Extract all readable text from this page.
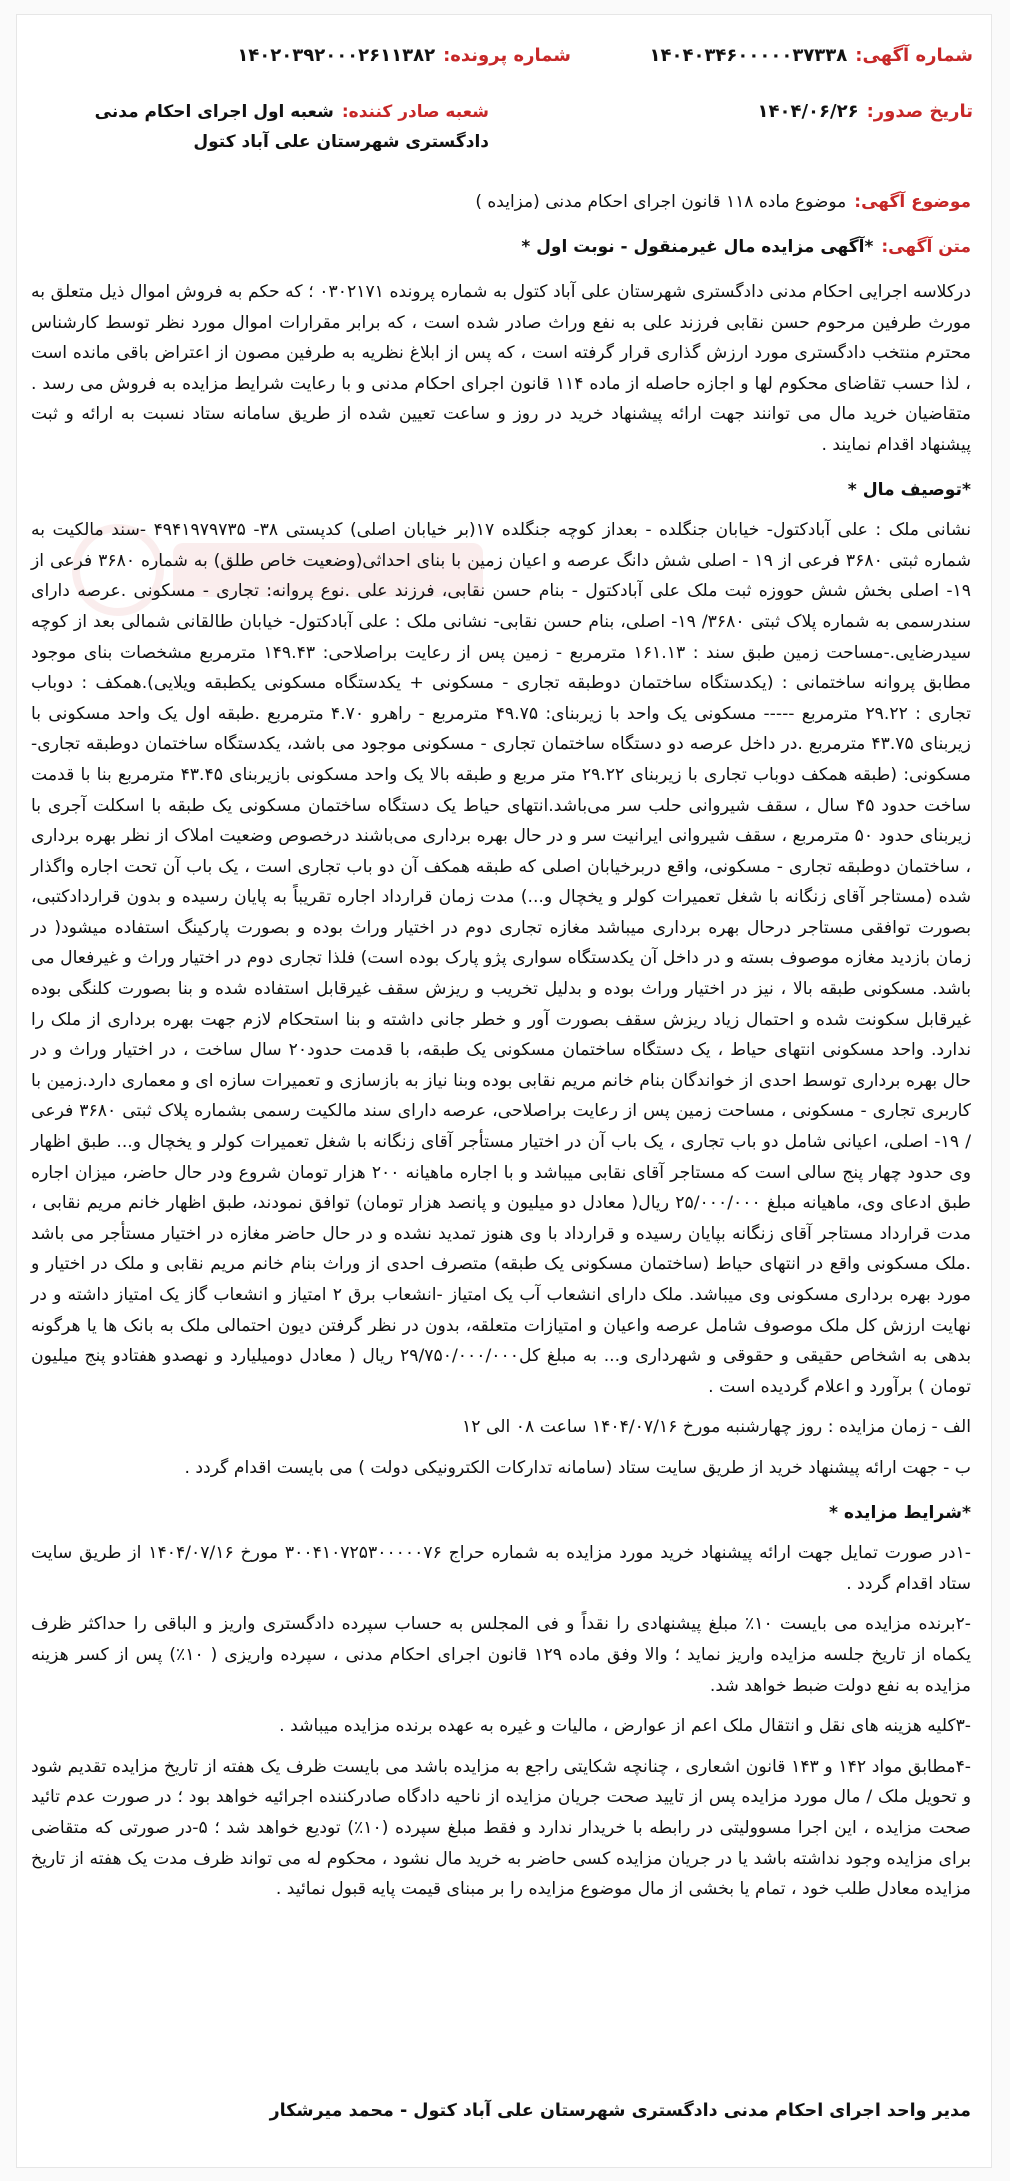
شماره آگهی:۱۴۰۴۰۳۴۶۰۰۰۰۰۳۷۳۳۸
شماره پرونده:۱۴۰۲۰۳۹۲۰۰۰۲۶۱۱۳۸۲
تاریخ صدور:۱۴۰۴/۰۶/۲۶
شعبه صادر کننده:شعبه اول اجرای احکام مدنی دادگستری شهرستان علی آباد کتول
موضوع آگهی:موضوع ماده ۱۱۸ قانون اجرای احکام مدنی (مزایده )
متن آگهی:*آگهی مزایده مال غیرمنقول - نوبت اول *

درکلاسه اجرایی احکام مدنی دادگستری شهرستان علی آباد کتول به شماره پرونده ۰۳۰۲۱۷۱ ؛ که حکم به فروش اموال ذیل متعلق به مورث طرفین مرحوم حسن نقابی فرزند علی به نفع وراث صادر شده است ، که برابر مقرارات اموال مورد نظر توسط کارشناس محترم منتخب دادگستری مورد ارزش گذاری قرار گرفته است ، که پس از ابلاغ نظریه به طرفین مصون از اعتراض باقی مانده است ، لذا حسب تقاضای محکوم لها و اجازه حاصله از ماده ۱۱۴ قانون اجرای احکام مدنی و با رعایت شرایط مزایده به فروش می رسد . متقاضیان خرید مال می توانند جهت ارائه پیشنهاد خرید در روز و ساعت تعیین شده از طریق سامانه ستاد نسبت به ارائه و ثبت پیشنهاد اقدام نمایند .

*توصیف مال *

نشانی ملک : علی آبادکتول- خیابان جنگلده - بعداز کوچه جنگلده ۱۷(بر خیابان اصلی) کدپستی ۳۸- ۴۹۴۱۹۷۹۷۳۵ -سند مالکیت به شماره ثبتی ۳۶۸۰ فرعی از ۱۹ - اصلی شش دانگ عرصه و اعیان زمین با بنای احداثی(وضعیت خاص طلق) به شماره ۳۶۸۰ فرعی از ۱۹- اصلی بخش شش حووزه ثبت ملک علی آبادکتول - بنام حسن نقابی، فرزند علی .نوع پروانه: تجاری - مسکونی .عرصه دارای سندرسمی به شماره پلاک ثبتی ۳۶۸۰/ ۱۹- اصلی، بنام حسن نقابی- نشانی ملک : علی آبادکتول- خیابان طالقانی شمالی بعد از کوچه سیدرضایی.-مساحت زمین طبق سند : ۱۶۱.۱۳ مترمربع - زمین پس از رعایت براصلاحی: ۱۴۹.۴۳ مترمربع مشخصات بنای موجود مطابق پروانه ساختمانی : (یکدستگاه ساختمان دوطبقه تجاری - مسکونی + یکدستگاه مسکونی یکطبقه ویلایی).همکف : دوباب تجاری : ۲۹.۲۲ مترمربع ----- مسکونی یک واحد با زیربنای: ۴۹.۷۵ مترمربع - راهرو ۴.۷۰ مترمربع .طبقه اول یک واحد مسکونی با زیربنای ۴۳.۷۵ مترمربع .در داخل عرصه دو دستگاه ساختمان تجاری - مسکونی موجود می باشد، یکدستگاه ساختمان دوطبقه تجاری-مسکونی: (طبقه همکف دوباب تجاری با زیربنای ۲۹.۲۲ متر مربع و طبقه بالا یک واحد مسکونی بازیربنای ۴۳.۴۵ مترمربع بنا با قدمت ساخت حدود ۴۵ سال ، سقف شیروانی حلب سر می‌باشد.انتهای حیاط یک دستگاه ساختمان مسکونی یک طبقه با اسکلت آجری با زیربنای حدود ۵۰ مترمربع ، سقف شیروانی ایرانیت سر و در حال بهره برداری می‌باشند درخصوص وضعیت املاک از نظر بهره برداری ، ساختمان دوطبقه تجاری - مسکونی، واقع دربرخیابان اصلی که طبقه همکف آن دو باب تجاری است ، یک باب آن تحت اجاره واگذار شده (مستاجر آقای زنگانه با شغل تعمیرات کولر و یخچال و...) مدت زمان قرارداد اجاره تقریباً به پایان رسیده و بدون قراردادکتبی، بصورت توافقی مستاجر درحال بهره برداری میباشد مغازه تجاری دوم در اختیار وراث بوده و بصورت پارکینگ استفاده میشود( در زمان بازدید مغازه موصوف بسته و در داخل آن یکدستگاه سواری پژو پارک بوده است) فلذا تجاری دوم در اختیار وراث و غیرفعال می باشد. مسکونی طبقه بالا ، نیز در اختیار وراث بوده و بدلیل تخریب و ریزش سقف غیرقابل استفاده شده و بنا بصورت کلنگی بوده غیرقابل سکونت شده و احتمال زیاد ریزش سقف بصورت آور و خطر جانی داشته و بنا استحکام لازم جهت بهره برداری از ملک را ندارد. واحد مسکونی انتهای حیاط ، یک دستگاه ساختمان مسکونی یک طبقه، با قدمت حدود۲۰ سال ساخت ، در اختیار وراث و در حال بهره برداری توسط احدی از خواندگان بنام خانم مریم نقابی بوده وبنا نیاز به بازسازی و تعمیرات سازه ای و معماری دارد.زمین با کاربری تجاری - مسکونی ، مساحت زمین پس از رعایت براصلاحی، عرصه دارای سند مالکیت رسمی بشماره پلاک ثبتی ۳۶۸۰ فرعی / ۱۹- اصلی، اعیانی شامل دو باب تجاری ، یک باب آن در اختیار مستأجر آقای زنگانه با شغل تعمیرات کولر و یخچال و... طبق اظهار وی حدود چهار پنج سالی است که مستاجر آقای نقابی میباشد و با اجاره ماهیانه ۲۰۰ هزار تومان شروع ودر حال حاضر، میزان اجاره طبق ادعای وی، ماهیانه مبلغ ۲۵/۰۰۰/۰۰۰ ریال( معادل دو میلیون و پانصد هزار تومان) توافق نمودند، طبق اظهار خانم مریم نقابی ، مدت قرارداد مستاجر آقای زنگانه بپایان رسیده و قرارداد با وی هنوز تمدید نشده و در حال حاضر مغازه در اختیار مستأجر می باشد .ملک مسکونی واقع در انتهای حیاط (ساختمان مسکونی یک طبقه) متصرف احدی از وراث بنام خانم مریم نقابی و ملک در اختیار و مورد بهره برداری مسکونی وی میباشد. ملک دارای انشعاب آب یک امتیاز -انشعاب برق ۲ امتیاز و انشعاب گاز یک امتیاز داشته و در نهایت ارزش کل ملک موصوف شامل عرصه واعیان و امتیازات متعلقه، بدون در نظر گرفتن دیون احتمالی ملک به بانک ها یا هرگونه بدهی به اشخاص حقیقی و حقوقی و شهرداری و... به مبلغ کل۲۹/۷۵۰/۰۰۰/۰۰۰ ریال ( معادل دومیلیارد و نهصدو هفتادو پنج میلیون تومان ) برآورد و اعلام گردیده است .

الف - زمان مزایده : روز چهارشنبه مورخ ۱۴۰۴/۰۷/۱۶ ساعت ۰۸ الی ۱۲

ب - جهت ارائه پیشنهاد خرید از طریق سایت ستاد (سامانه تدارکات الکترونیکی دولت ) می بایست اقدام گردد .

*شرایط مزایده *

-۱در صورت تمایل جهت ارائه پیشنهاد خرید مورد مزایده به شماره حراج ۳۰۰۴۱۰۷۲۵۳۰۰۰۰۰۷۶ مورخ ۱۴۰۴/۰۷/۱۶ از طریق سایت ستاد اقدام گردد .

-۲برنده مزایده می بایست ۱۰٪ مبلغ پیشنهادی را نقداً و فی المجلس به حساب سپرده دادگستری واریز و الباقی را حداکثر ظرف یکماه از تاریخ جلسه مزایده واریز نماید ؛ والا وفق ماده ۱۲۹ قانون اجرای احکام مدنی ، سپرده واریزی ( ۱۰٪) پس از کسر هزینه مزایده به نفع دولت ضبط خواهد شد.

-۳کلیه هزینه های نقل و انتقال ملک اعم از عوارض ، مالیات و غیره به عهده برنده مزایده میباشد .

-۴مطابق مواد ۱۴۲ و ۱۴۳ قانون اشعاری ، چنانچه شکایتی راجع به مزایده باشد می بایست ظرف یک هفته از تاریخ مزایده تقدیم شود و تحویل ملک / مال مورد مزایده پس از تایید صحت جریان مزایده از ناحیه دادگاه صادرکننده اجرائیه خواهد بود ؛ در صورت عدم تائید صحت مزایده ، این اجرا مسوولیتی در رابطه با خریدار ندارد و فقط مبلغ سپرده (۱۰٪) تودیع خواهد شد ؛ ۵-در صورتی که متقاضی برای مزایده وجود نداشته باشد یا در جریان مزایده کسی حاضر به خرید مال نشود ، محکوم له می تواند ظرف مدت یک هفته از تاریخ مزایده معادل طلب خود ، تمام یا بخشی از مال موضوع مزایده را بر مبنای قیمت پایه قبول نمائید .

مدیر واحد اجرای احکام مدنی دادگستری شهرستان علی آباد کتول - محمد میرشکار
